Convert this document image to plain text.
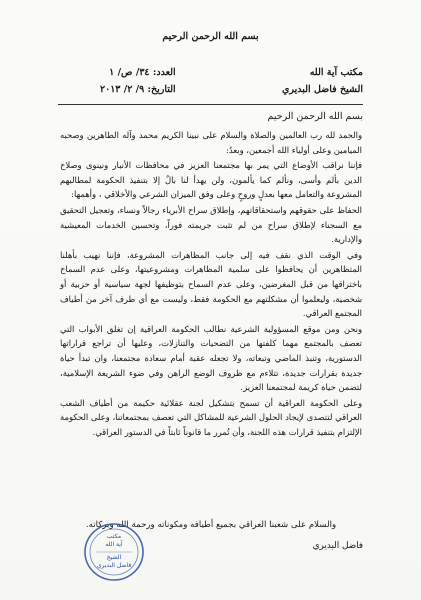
بسم الله الرحمن الرحيم
مكتب آية الله
الشيخ فاضل البديري
العدد: ٣٤/ ص/ ١
التاريخ: ٩/ ٢/ ٢٠١٣
بسم الله الرحمن الرحيم

والحمد لله رب العالمين والصلاة والسلام على نبينا الكريم محمد وآله الطاهرين وصحبه الميامين وعلى أولياء الله أجمعين، وبعدُ:

فإننا نراقب الأوضاع التي يمر بها مجتمعنا العزيز في محافظات الأنبار ونينوى وصلاح الدين بألم وأسى، ونألم كما يألمون، ولن يهدأ لنا بالٌ إلا بتنفيذ الحكومة لمطالبهم المشروعة والتعامل معها بعدلٍ وروحٍ وعلى وفق الميزان الشرعي والأخلاقي ، وأهمها:

الحفاظ على حقوقهم واستحقاقاتهم، وإطلاق سراح الأبرياء رجالاً ونساء، وتعجيل التحقيق مع السجناء لإطلاق سراح من لم تثبت جريمته فوراً، وتحسين الخدمات المعيشية والإدارية.

وفي الوقت الذي نقف فيه إلى جانب المظاهرات المشروعة، فإننا نهيب بأهلنا المتظاهرين أن يحافظوا على سلمية المظاهرات ومشروعيتها، وعلى عدم السماح باختراقها من قبل المغرضين، وعلى عدم السماح بتوظيفها لجهة سياسية أو حزبية أو شخصية، وليعلموا أن مشكلتهم مع الحكومة فقط، وليست مع أي طرف آخر من أطياف المجتمع العراقي.

ونحن ومن موقع المسؤولية الشرعية نطالب الحكومة العراقية إن تغلق الأبواب التي تعصف بالمجتمع مهما كلفتها من التضحيات والتنازلات، وعليها أن تراجع قراراتها الدستورية، وتنبذ الماضي وتبعاته، ولا تجعله عقبة أمام سعادة مجتمعنا، وان تبدأ حياة جديدة بقرارات جديدة، تتلاءم مع ظروف الوضع الراهن وفي ضوء الشريعة الإسلامية، لتضمن حياة كريمة لمجتمعنا العزيز.

وعلى الحكومة العراقية أن تسمح بتشكيل لجنة عقلائية حكيمة من أطياف الشعب العراقي لتتصدى لإيجاد الحلول الشرعية للمشاكل التي تعصف بمجتمعاتنا، وعلى الحكومة الإلتزام بتنفيذ قرارات هذه اللجنة، وأن تُمرر ما قانوناً ثابتاً في الدستور العراقي.

والسلام على شعبنا العراقي بجميع أطيافه ومكوناته ورحمة الله وبركاته.
فاضل البديري
مكتب
آية الله
الشيخ
فاضل البديري
